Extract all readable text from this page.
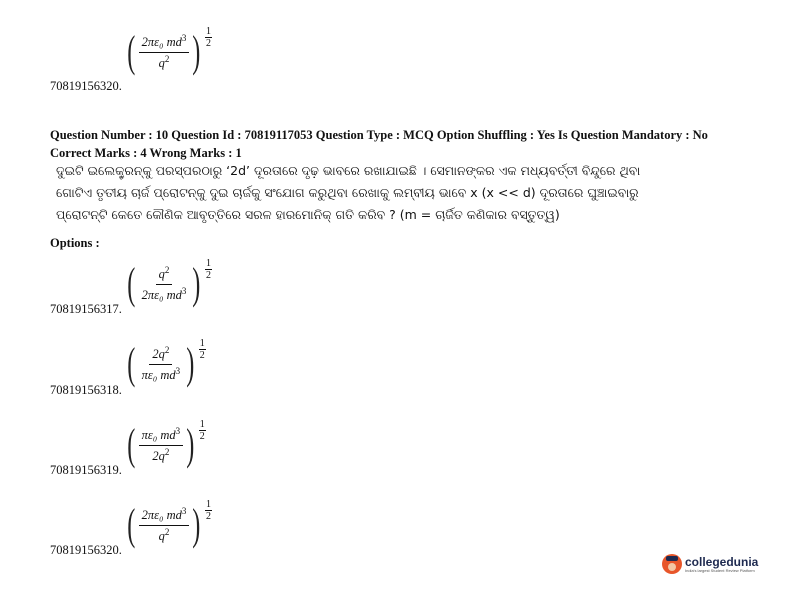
( $\frac{2\pi\varepsilon_0 md^3}{q^2}$ ) 1
2
70819156320.
Question Number : 10 Question Id : 70819117053 Question Type : MCQ Option Shuffling : Yes Is Question Mandatory : No
Correct Marks : 4 Wrong Marks : 1
ଦୁଇଟି ଇଲେକ୍ଟ୍ରନ୍‌କୁ ପରସ୍ପରଠାରୁ ‘2d’ ଦୂରତାରେ ଦୃଢ଼ ଭାବରେ ରଖାଯାଇଛି । ସେମାନଙ୍କର ଏକ ମଧ୍ୟବର୍ତ୍ତୀ ବିନ୍ଦୁରେ ଥିବା
ଗୋଟିଏ ତୃତୀୟ ଚାର୍ଜ ପ୍ରୋଟନ୍‌କୁ ଦୁଇ ଚାର୍ଜକୁ ସଂଯୋଗ କରୁଥିବା ରେଖାକୁ ଲମ୍ବୀୟ ଭାବେ x (x << d) ଦୂରତାରେ ଘୁଞ୍ଚାଇବାରୁ
ପ୍ରୋଟନ୍‌ଟି କେତେ କୌଣିକ ଆବୃତ୍ତିରେ ସରଳ ହାରମୋନିକ୍ ଗତି କରିବ ? (m = ଚାର୍ଜିତ କଣିକାର ବସ୍ତୁତ୍ୱ)
Options :
( $\frac{q^2}{2\pi\varepsilon_0 md^3}$ ) 1
2
70819156317.
( $\frac{2q^2}{\pi\varepsilon_0 md^3}$ ) 1
2
70819156318.
( $\frac{\pi\varepsilon_0 md^3}{2q^2}$ ) 1
2
70819156319.
( $\frac{2\pi\varepsilon_0 md^3}{q^2}$ ) 1
2
70819156320.
collegedunia
India's largest Student Review Platform
